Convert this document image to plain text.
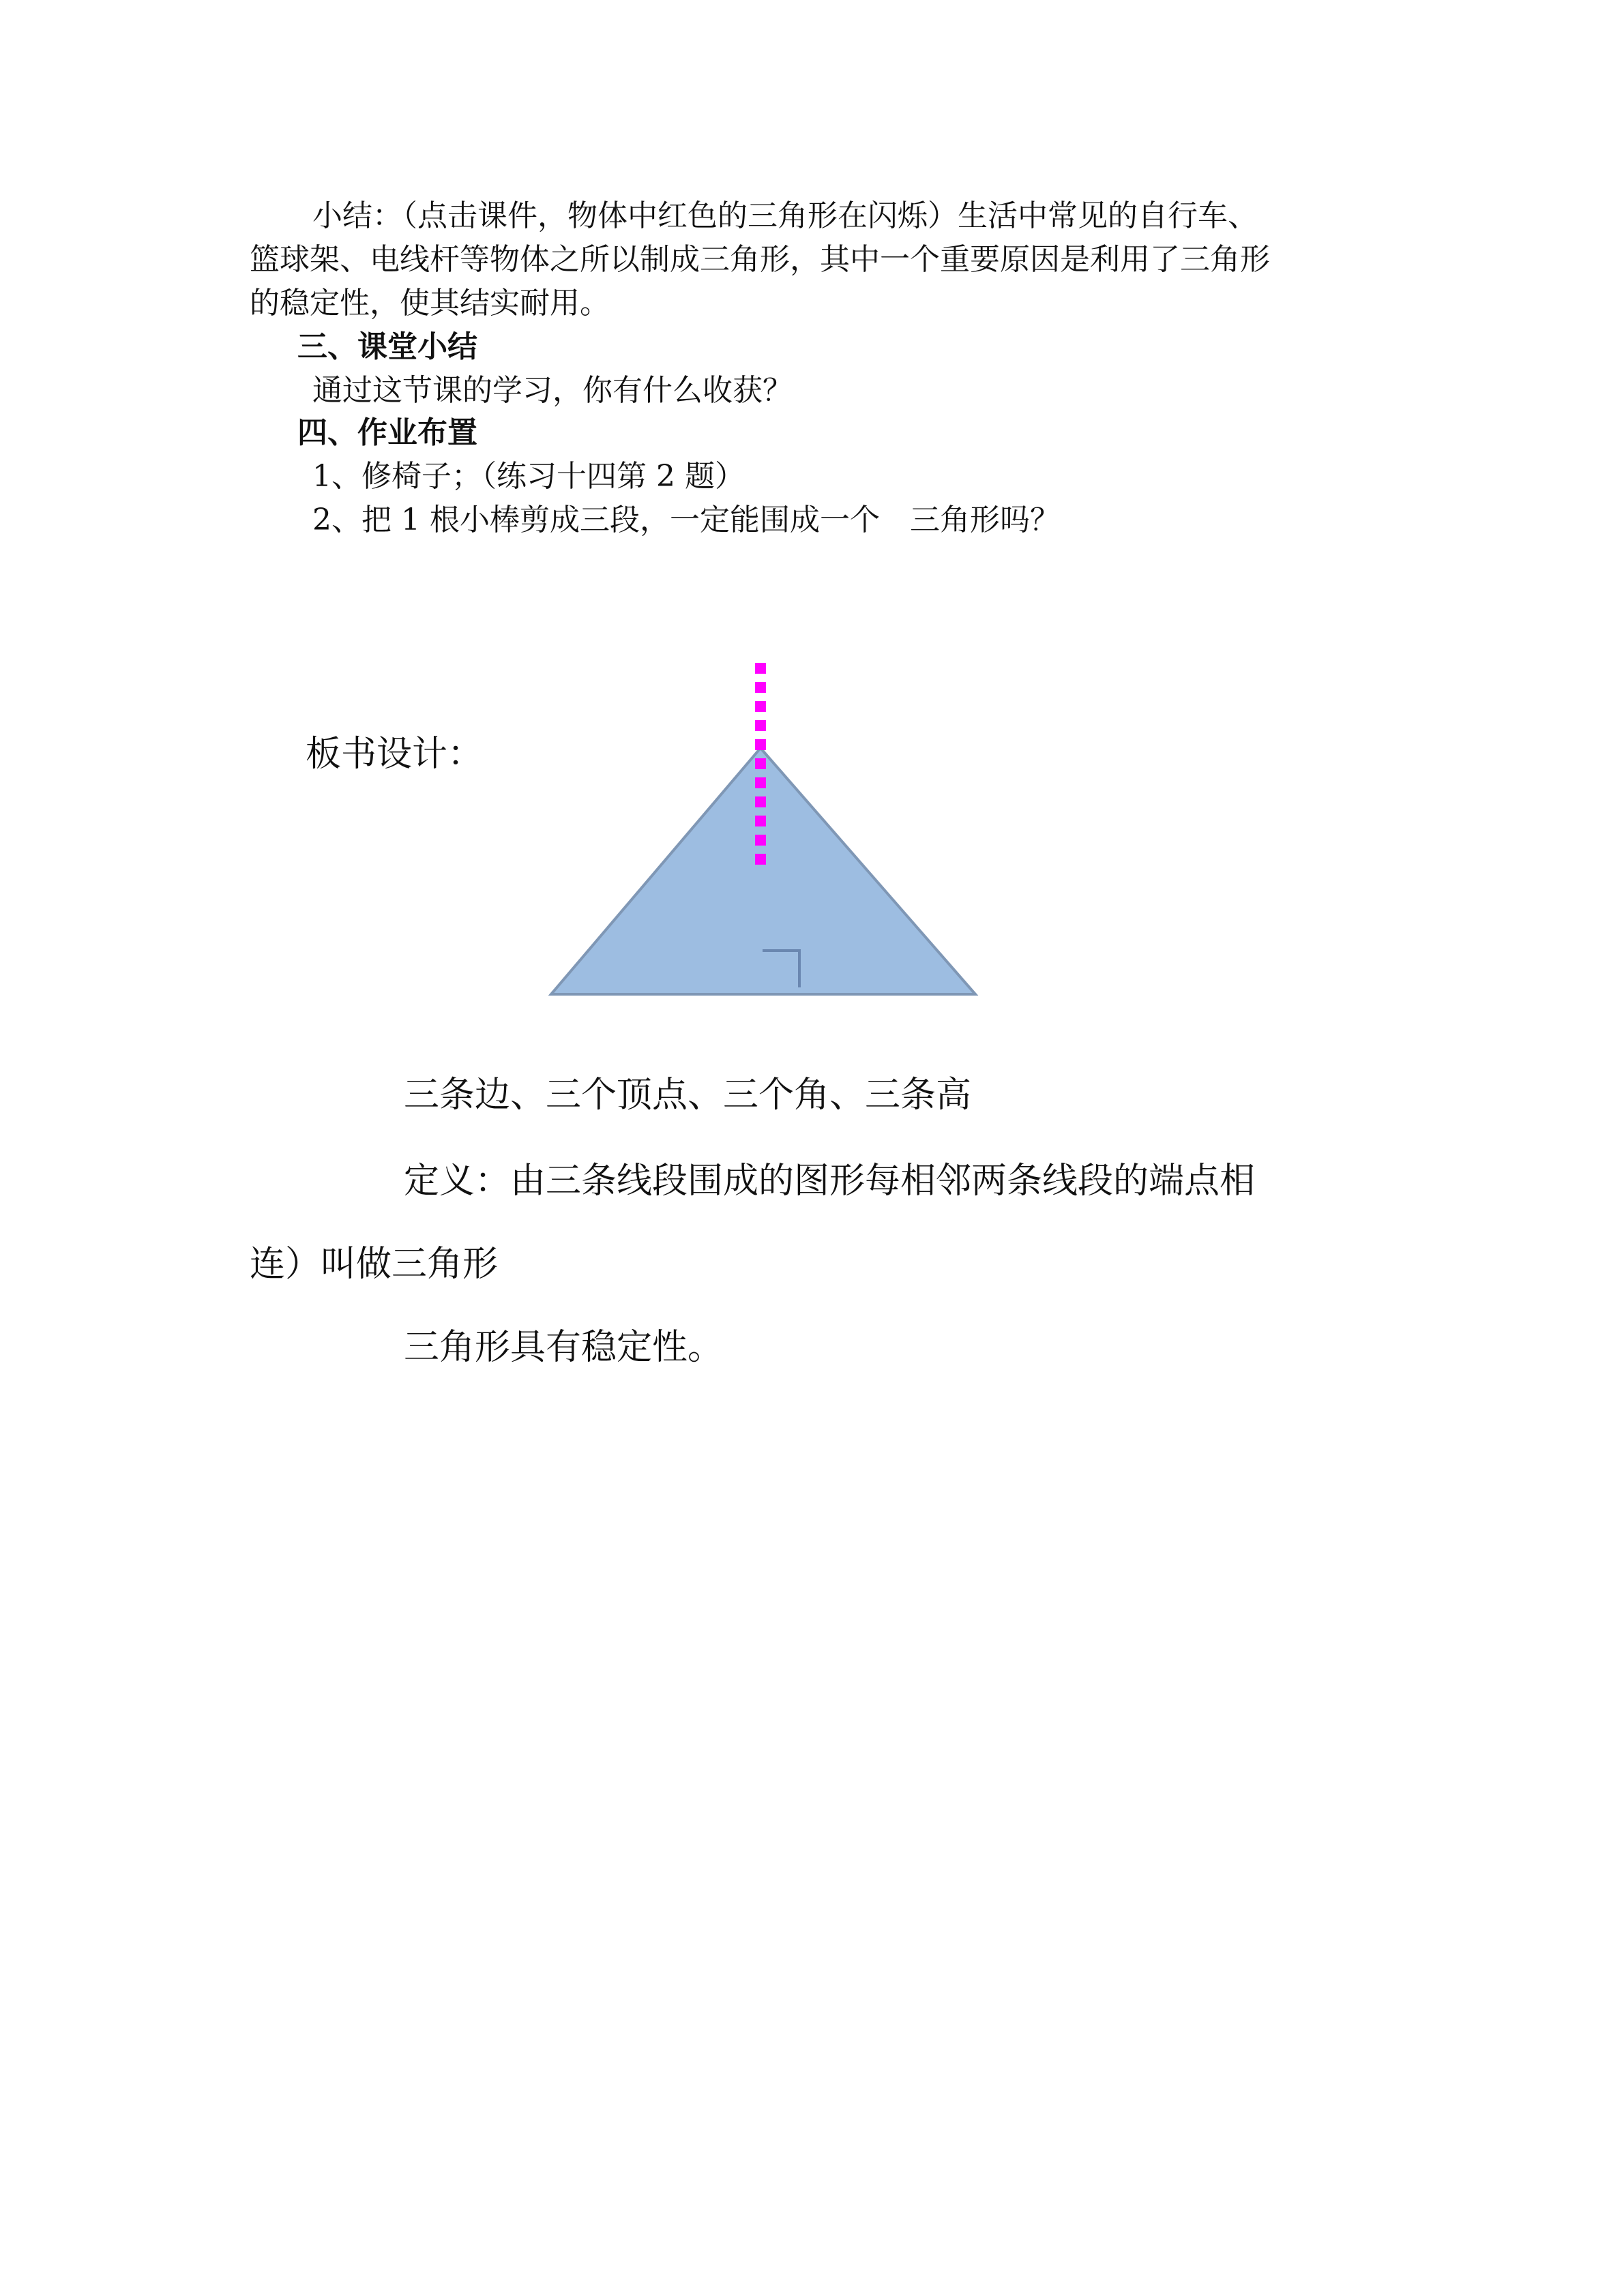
小结：（点击课件，物体中红色的三角形在闪烁）生活中常见的自行车、
篮球架、电线杆等物体之所以制成三角形，其中一个重要原因是利用了三角形
的稳定性，使其结实耐用。
三、课堂小结
通过这节课的学习，你有什么收获？
四、作业布置
1、修椅子；（练习十四第 2 题）
2、把 1 根小棒剪成三段，一定能围成一个　三角形吗？
板书设计：
三条边、三个顶点、三个角、三条高
定义：由三条线段围成的图形每相邻两条线段的端点相
连）叫做三角形
三角形具有稳定性。
